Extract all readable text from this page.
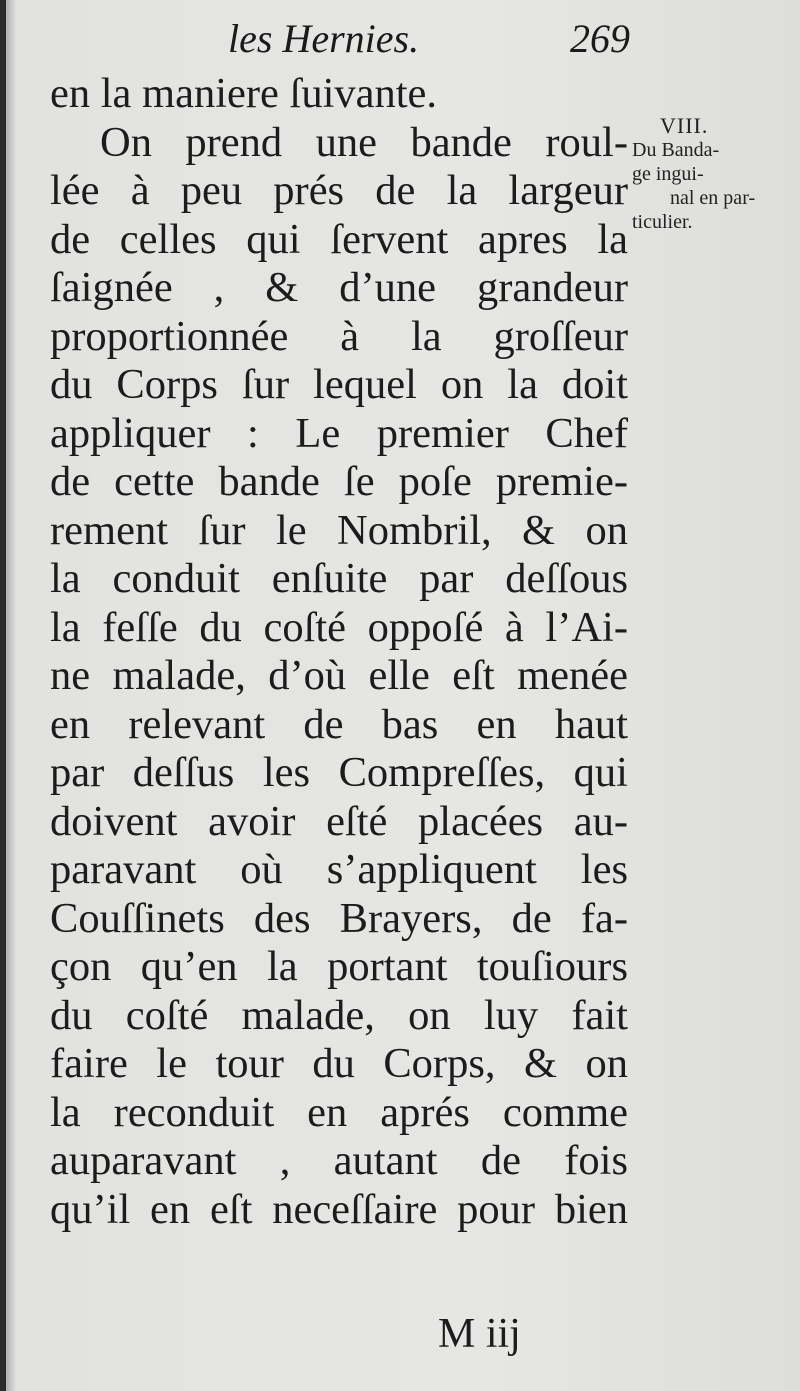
les Hernies.	269
en la maniere ſuivante.
On prend une bande roul-
lée à peu prés de la largeur
de celles qui ſervent apres la
ſaignée , & d’une grandeur
proportionnée à la groſſeur
du Corps ſur lequel on la doit
appliquer : Le premier Chef
de cette bande ſe poſe premie-
rement ſur le Nombril, & on
la conduit enſuite par deſſous
la feſſe du coſté oppoſé à l’Ai-
ne malade, d’où elle eſt menée
en relevant de bas en haut
par deſſus les Compreſſes, qui
doivent avoir eſté placées au-
paravant où s’appliquent les
Couſſinets des Brayers, de fa-
çon qu’en la portant touſiours
du coſté malade, on luy fait
faire le tour du Corps, & on
la reconduit en aprés comme
auparavant , autant de fois
qu’il en eſt neceſſaire pour bien
M iij
VIII.
Du Banda-
ge ingui-
nal en par-
ticulier.
